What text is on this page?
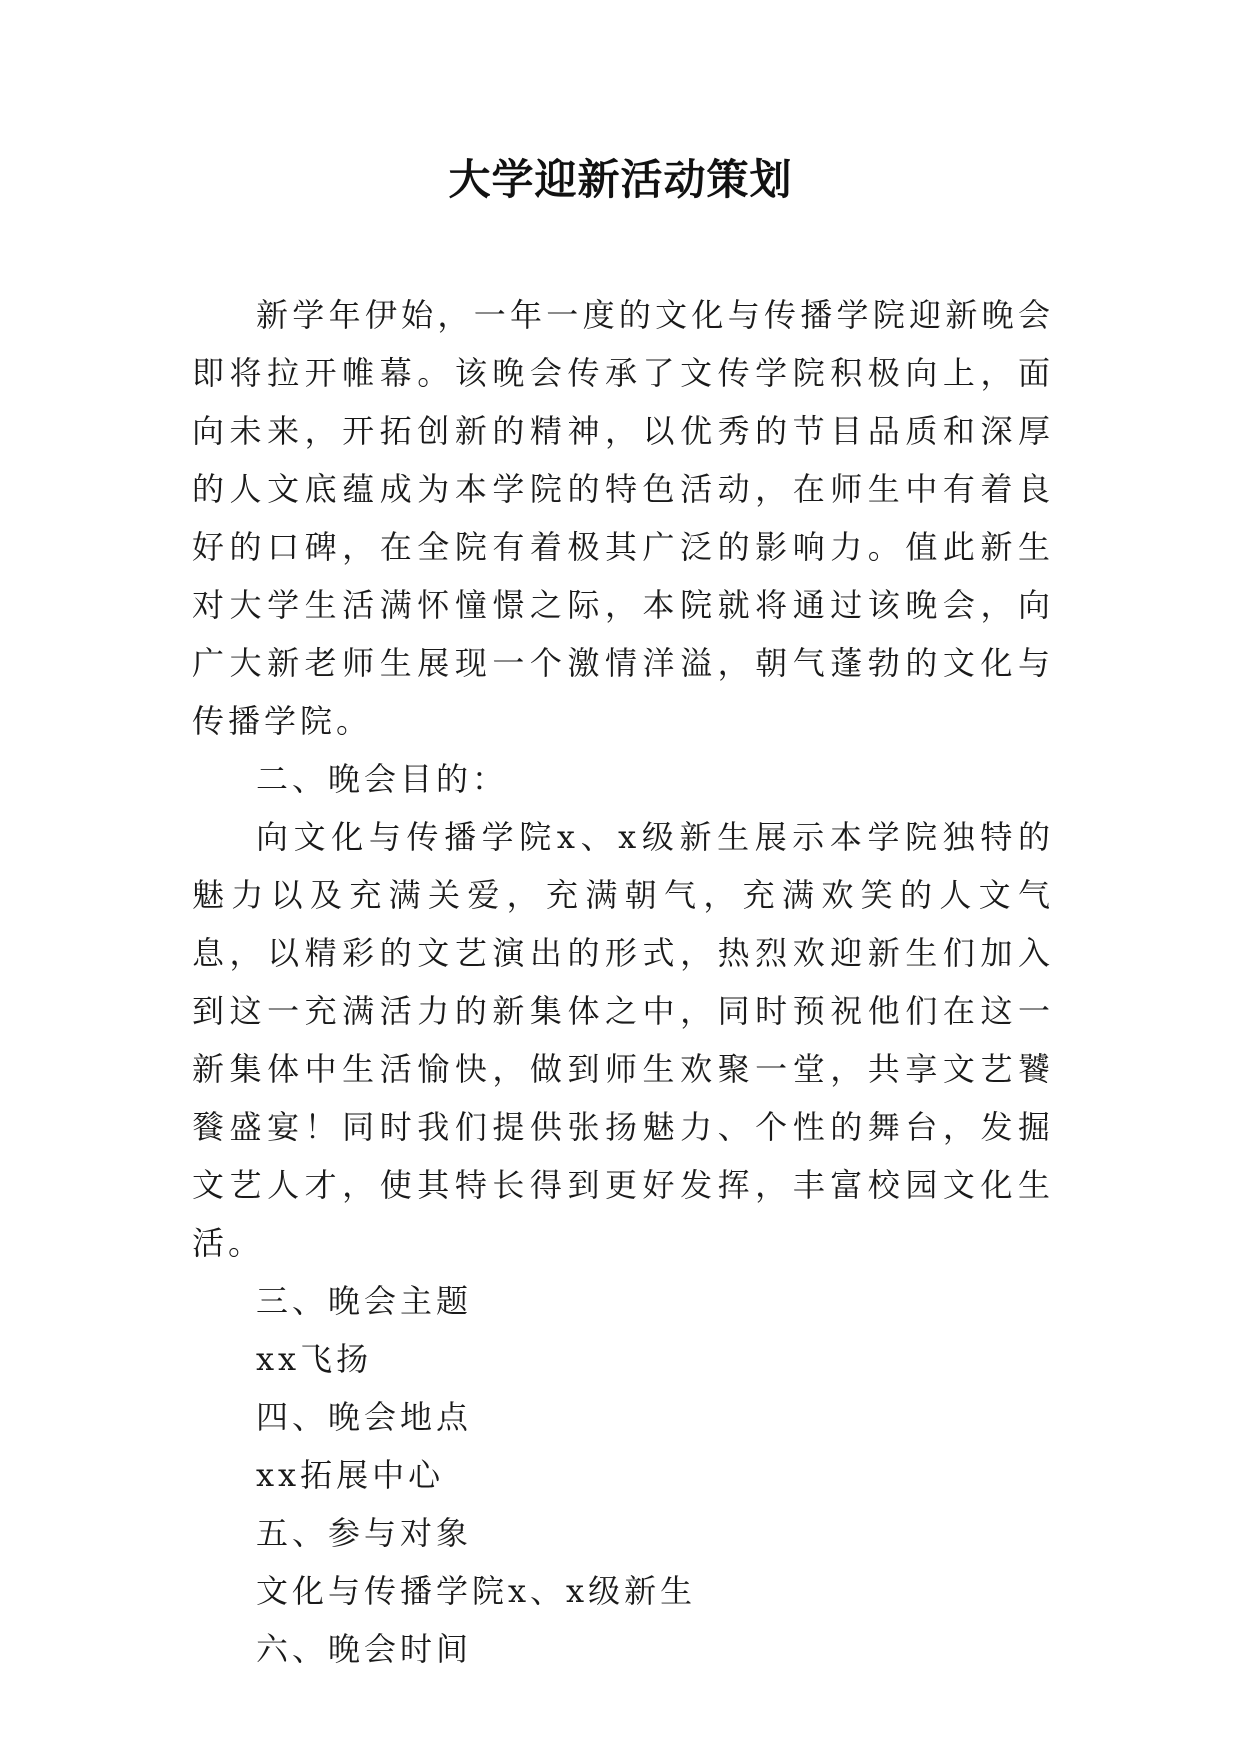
大学迎新活动策划

新学年伊始，一年一度的文化与传播学院迎新晚会即将拉开帷幕。该晚会传承了文传学院积极向上，面向未来，开拓创新的精神，以优秀的节目品质和深厚的人文底蕴成为本学院的特色活动，在师生中有着良好的口碑，在全院有着极其广泛的影响力。值此新生对大学生活满怀憧憬之际，本院就将通过该晚会，向广大新老师生展现一个激情洋溢，朝气蓬勃的文化与传播学院。

二、晚会目的：

向文化与传播学院x、x级新生展示本学院独特的魅力以及充满关爱，充满朝气，充满欢笑的人文气息，以精彩的文艺演出的形式，热烈欢迎新生们加入到这一充满活力的新集体之中，同时预祝他们在这一新集体中生活愉快，做到师生欢聚一堂，共享文艺饕餮盛宴！同时我们提供张扬魅力、个性的舞台，发掘文艺人才，使其特长得到更好发挥，丰富校园文化生活。

三、晚会主题

xx飞扬

四、晚会地点

xx拓展中心

五、参与对象

文化与传播学院x、x级新生

六、晚会时间
